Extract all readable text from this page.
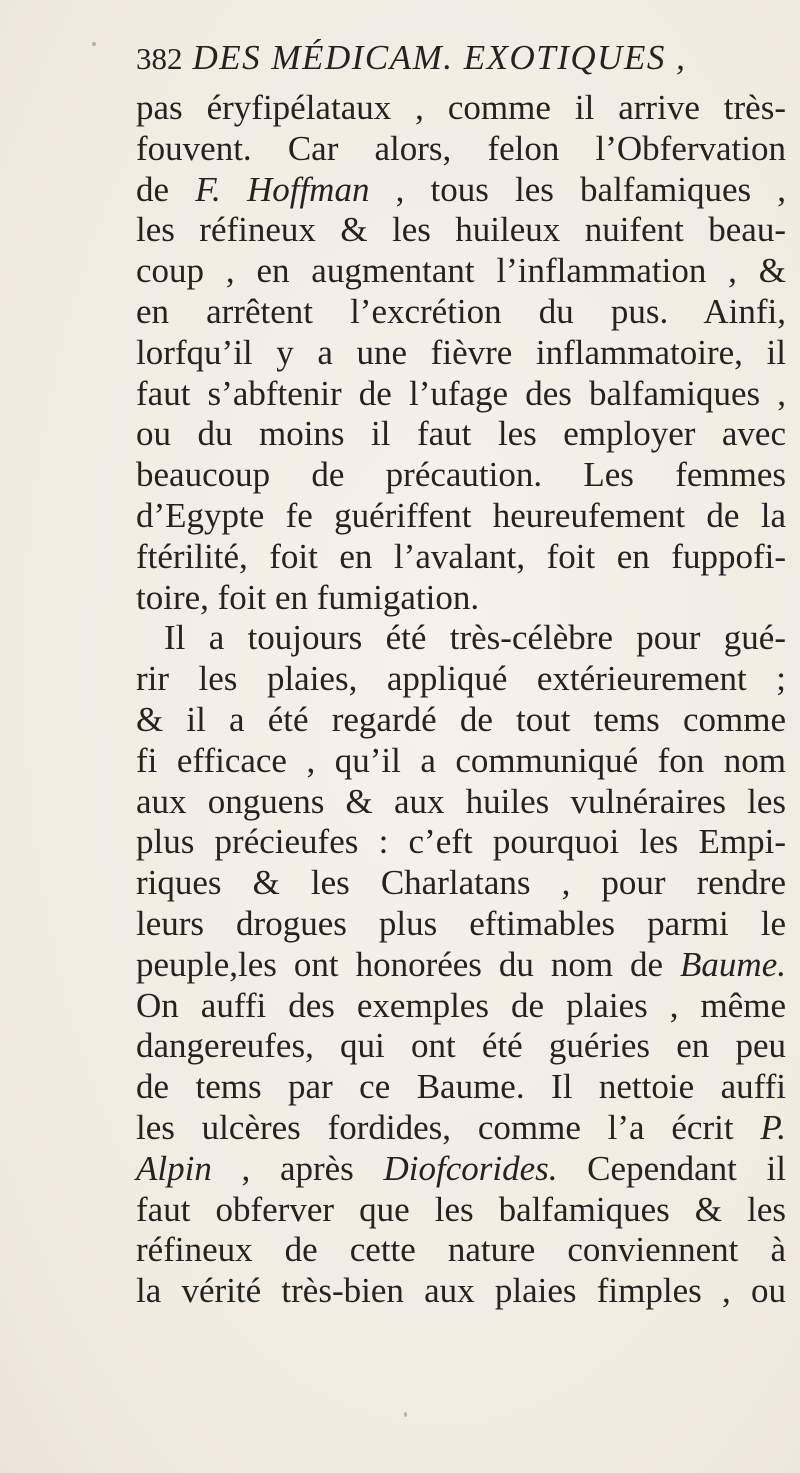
382 DES MÉDICAM. EXOTIQUES ,
pas éryfipélataux , comme il arrive très-
fouvent. Car alors, felon l’Obfervation
de F. Hoffman , tous les balfamiques ,
les réfineux & les huileux nuifent beau-
coup , en augmentant l’inflammation , &
en arrêtent l’excrétion du pus. Ainfi,
lorfqu’il y a une fièvre inflammatoire, il
faut s’abftenir de l’ufage des balfamiques ,
ou du moins il faut les employer avec
beaucoup de précaution. Les femmes
d’Egypte fe guériffent heureufement de la
ftérilité, foit en l’avalant, foit en fuppofi-
toire, foit en fumigation.
Il a toujours été très-célèbre pour gué-
rir les plaies, appliqué extérieurement ;
& il a été regardé de tout tems comme
fi efficace , qu’il a communiqué fon nom
aux onguens & aux huiles vulnéraires les
plus précieufes : c’eft pourquoi les Empi-
riques & les Charlatans , pour rendre
leurs drogues plus eftimables parmi le
peuple,les ont honorées du nom de Baume.
On auffi des exemples de plaies , même
dangereufes, qui ont été guéries en peu
de tems par ce Baume. Il nettoie auffi
les ulcères fordides, comme l’a écrit P.
Alpin , après Diofcorides. Cependant il
faut obferver que les balfamiques & les
réfineux de cette nature conviennent à
la vérité très-bien aux plaies fimples , ou
